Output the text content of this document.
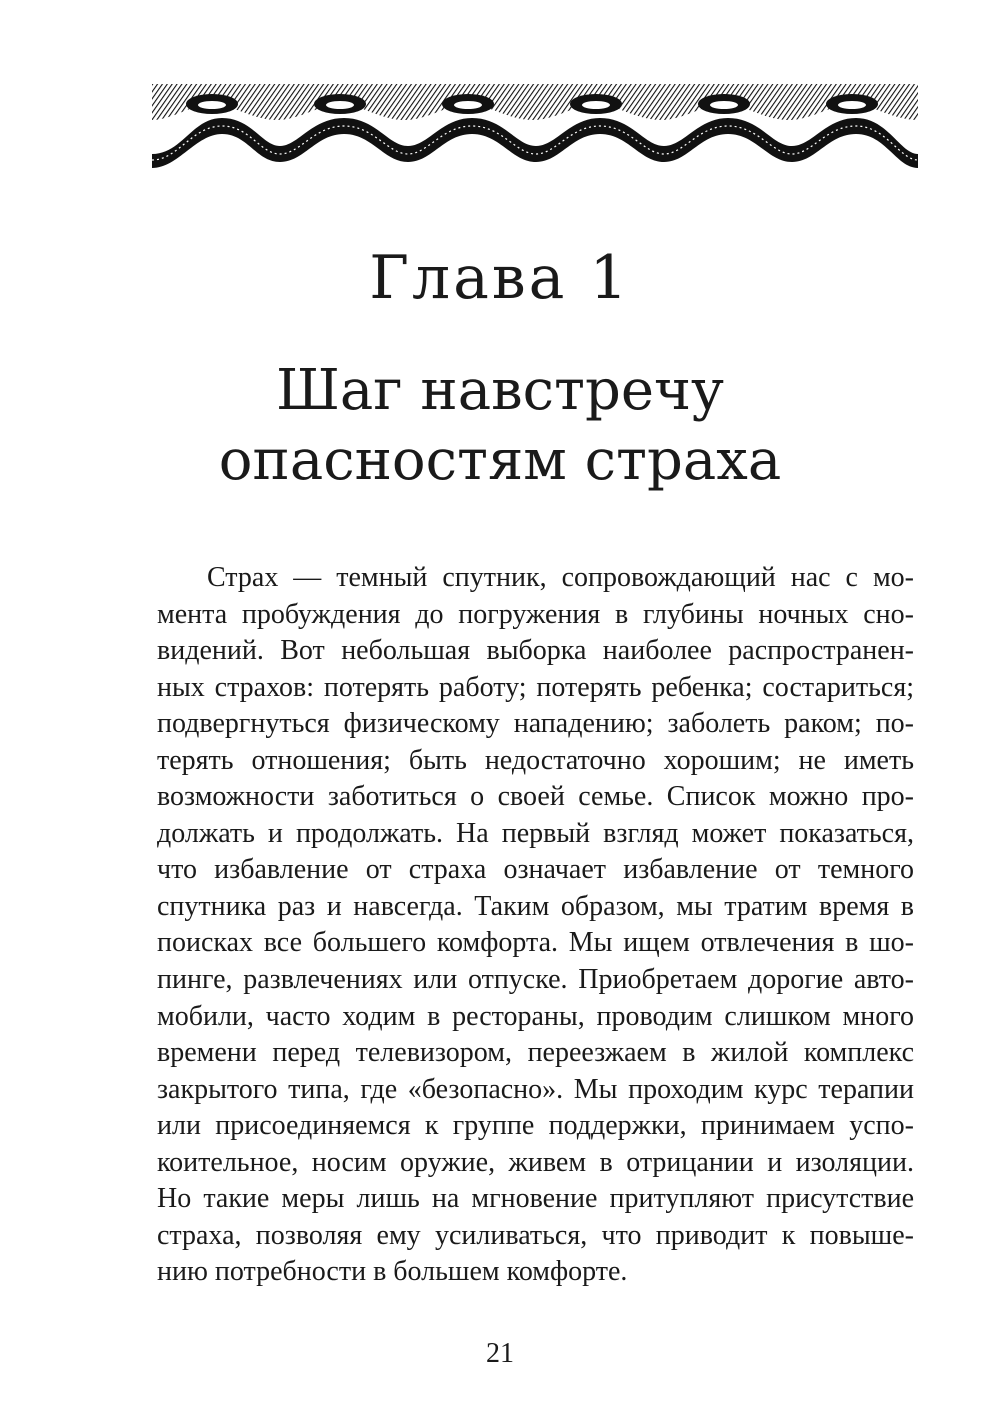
Глава 1
Шаг навстречу
опасностям страха
Страх — темный спутник, сопровождающий нас с мо-
мента пробуждения до погружения в глубины ночных сно-
видений. Вот небольшая выборка наиболее распространен-
ных страхов: потерять работу; потерять ребенка; состариться;
подвергнуться физическому нападению; заболеть раком; по-
терять отношения; быть недостаточно хорошим; не иметь
возможности заботиться о своей семье. Список можно про-
должать и продолжать. На первый взгляд может показаться,
что избавление от страха означает избавление от темного
спутника раз и навсегда. Таким образом, мы тратим время в
поисках все большего комфорта. Мы ищем отвлечения в шо-
пинге, развлечениях или отпуске. Приобретаем дорогие авто-
мобили, часто ходим в рестораны, проводим слишком много
времени перед телевизором, переезжаем в жилой комплекс
закрытого типа, где «безопасно». Мы проходим курс терапии
или присоединяемся к группе поддержки, принимаем успо-
коительное, носим оружие, живем в отрицании и изоляции.
Но такие меры лишь на мгновение притупляют присутствие
страха, позволяя ему усиливаться, что приводит к повыше-
нию потребности в большем комфорте.
21
